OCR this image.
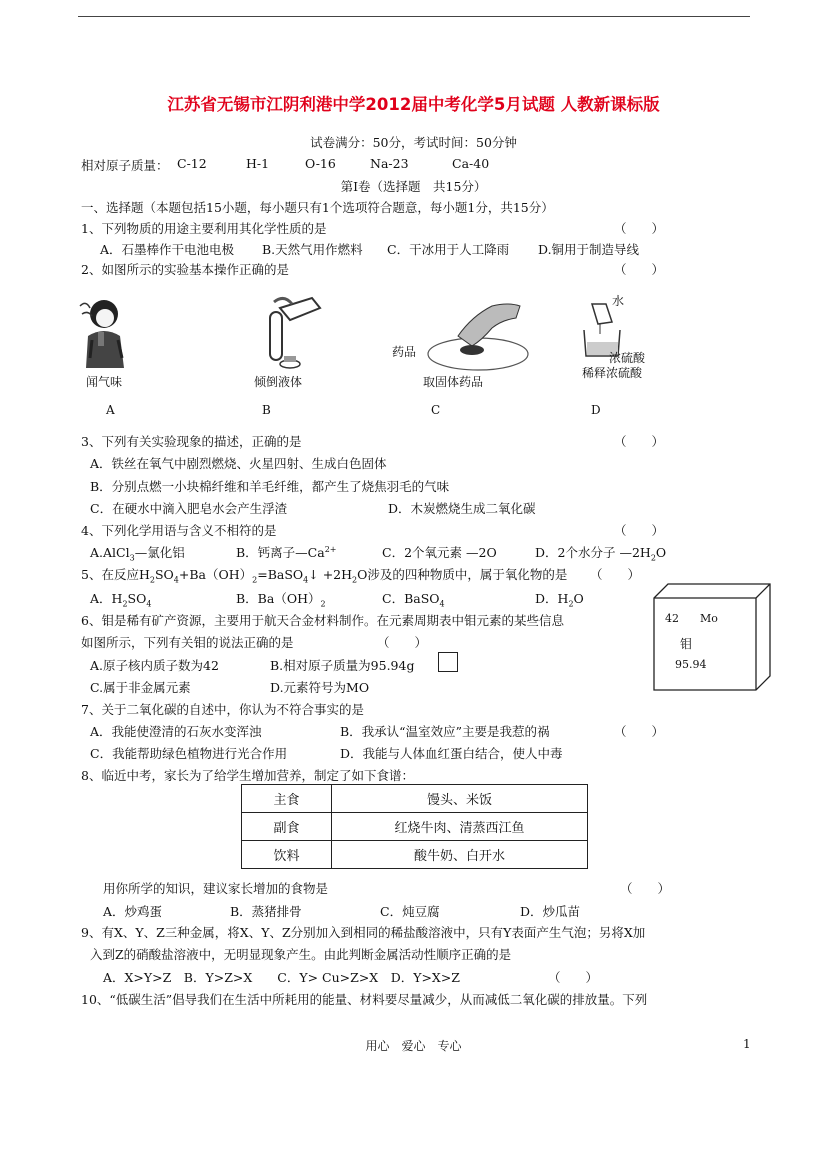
江苏省无锡市江阴利港中学2012届中考化学5月试题 人教新课标版
试卷满分：50分，考试时间：50分钟
相对原子质量： C-12	H-1	O-16	Na-23	Ca-40
第Ⅰ卷（选择题　共15分）
一、选择题（本题包括15小题，每小题只有1个选项符合题意，每小题1分，共15分）
1、下列物质的用途主要利用其化学性质的是	（　　）
A．石墨棒作干电池电极 B.天然气用作燃料 C．干冰用于人工降雨 D.铜用于制造导线
2、如图所示的实验基本操作正确的是	（　　）
闻气味
A
倾倒液体
B
药品
取固体药品
C
水
浓硫酸
稀释浓硫酸
D
3、下列有关实验现象的描述，正确的是	（　　）
A．铁丝在氧气中剧烈燃烧、火星四射、生成白色固体
B．分别点燃一小块棉纤维和羊毛纤维，都产生了烧焦羽毛的气味
C．在硬水中滴入肥皂水会产生浮渣	D．木炭燃烧生成二氧化碳
4、下列化学用语与含义不相符的是	（　　）
A.AlCl$_3$—氯化铝	B．钙离子$—Ca^{2+}$	C．2个氧元素 —2O	D．2个水分子 $—2H_2O$
5、在反应$H_2SO_4+Ba(OH)_2=BaSO_4↓ +2H_2O$涉及的四种物质中，属于氧化物的是 （　　）
A．$H_2SO_4$	B．$Ba(OH)_2$	C．BaSO$_4$	D．$H_2O$
6、钼是稀有矿产资源，主要用于航天合金材料制作。在元素周期表中钼元素的某些信息
如图所示，下列有关钼的说法正确的是	（　　）
A.原子核内质子数为42	B.相对原子质量为95.94g
C.属于非金属元素	D.元素符号为MO
42 Mo
钼
95.94
7、关于二氧化碳的自述中，你认为不符合事实的是
A．我能使澄清的石灰水变浑浊	B．我承认“温室效应”主要是我惹的祸	（　　）
C．我能帮助绿色植物进行光合作用	D．我能与人体血红蛋白结合，使人中毒
8、临近中考，家长为了给学生增加营养，制定了如下食谱：
主食	馒头、米饭
副食	红烧牛肉、清蒸西江鱼
饮料	酸牛奶、白开水
用你所学的知识，建议家长增加的食物是	（　　）
A．炒鸡蛋	B．蒸猪排骨	C．炖豆腐	D．炒瓜苗
9、有X、Y、Z三种金属，将X、Y、Z分别加入到相同的稀盐酸溶液中，只有Y表面产生气泡；另将X加
入到Z的硝酸盐溶液中，无明显现象产生。由此判断金属活动性顺序正确的是
A．X>Y>Z　B．Y>Z>X　　C．Y> Cu>Z>X　D．Y>X>Z	（　　）
10、“低碳生活”倡导我们在生活中所耗用的能量、材料要尽量减少，从而减低二氧化碳的排放量。下列
用心　爱心　专心	1
